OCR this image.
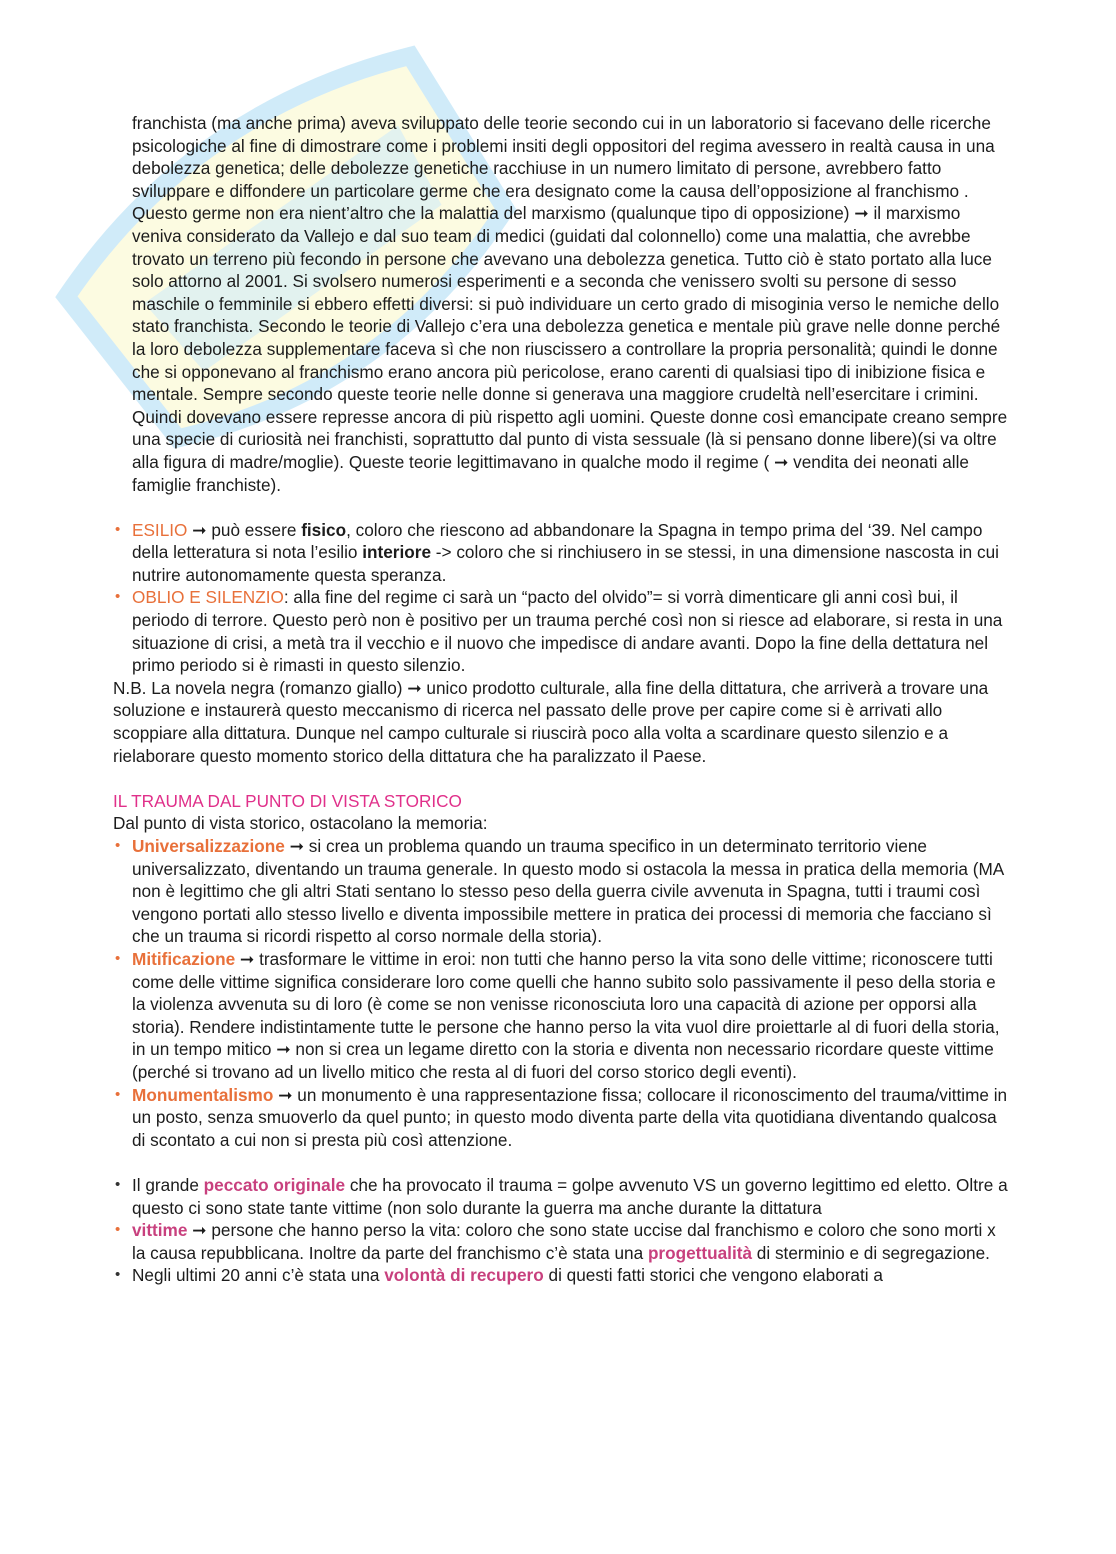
franchista (ma anche prima) aveva sviluppato delle teorie secondo cui in un laboratorio si facevano delle ricerche psicologiche al fine di dimostrare come i problemi insiti degli oppositori del regima avessero in realtà causa in una debolezza genetica; delle debolezze genetiche racchiuse in un numero limitato di persone, avrebbero fatto sviluppare e diffondere un particolare germe che era designato come la causa dell’opposizione al franchismo . Questo germe non era nient’altro che la malattia del marxismo (qualunque tipo di opposizione) ➞ il marxismo veniva considerato da Vallejo e dal suo team di medici (guidati dal colonnello) come una malattia, che avrebbe trovato un terreno più fecondo in persone che avevano una debolezza genetica. Tutto ciò è stato portato alla luce solo attorno al 2001. Si svolsero numerosi esperimenti e a seconda che venissero svolti su persone di sesso maschile o femminile si ebbero effetti diversi: si può individuare un certo grado di misoginia verso le nemiche dello stato franchista. Secondo le teorie di Vallejo c’era una debolezza genetica e mentale più grave nelle donne perché la loro debolezza supplementare faceva sì che non riuscissero a controllare la propria personalità; quindi le donne che si opponevano al franchismo erano ancora più pericolose, erano carenti di qualsiasi tipo di inibizione fisica e mentale. Sempre secondo queste teorie nelle donne si generava una maggiore crudeltà nell’esercitare i crimini. Quindi dovevano essere represse ancora di più rispetto agli uomini. Queste donne così emancipate creano sempre una specie di curiosità nei franchisti, soprattutto dal punto di vista sessuale (là si pensano donne libere)(si va oltre alla figura di madre/moglie). Queste teorie legittimavano in qualche modo il regime ( ➞ vendita dei neonati alle famiglie franchiste).

• ESILIO ➞ può essere fisico, coloro che riescono ad abbandonare la Spagna in tempo prima del ‘39. Nel campo della letteratura si nota l’esilio interiore -> coloro che si rinchiusero in se stessi, in una dimensione nascosta in cui nutrire autonomamente questa speranza.
• OBLIO E SILENZIO: alla fine del regime ci sarà un “pacto del olvido”= si vorrà dimenticare gli anni così bui, il periodo di terrore. Questo però non è positivo per un trauma perché così non si riesce ad elaborare, si resta in una situazione di crisi, a metà tra il vecchio e il nuovo che impedisce di andare avanti. Dopo la fine della dettatura nel primo periodo si è rimasti in questo silenzio.

N.B. La novela negra (romanzo giallo) ➞ unico prodotto culturale, alla fine della dittatura, che arriverà a trovare una soluzione e instaurerà questo meccanismo di ricerca nel passato delle prove per capire come si è arrivati allo scoppiare alla dittatura. Dunque nel campo culturale si riuscirà poco alla volta a scardinare questo silenzio e a rielaborare questo momento storico della dittatura che ha paralizzato il Paese.

IL TRAUMA DAL PUNTO DI VISTA STORICO

Dal punto di vista storico, ostacolano la memoria:

• Universalizzazione ➞ si crea un problema quando un trauma specifico in un determinato territorio viene universalizzato, diventando un trauma generale. In questo modo si ostacola la messa in pratica della memoria (MA non è legittimo che gli altri Stati sentano lo stesso peso della guerra civile avvenuta in Spagna, tutti i traumi così vengono portati allo stesso livello e diventa impossibile mettere in pratica dei processi di memoria che facciano sì che un trauma si ricordi rispetto al corso normale della storia).
• Mitificazione ➞ trasformare le vittime in eroi: non tutti che hanno perso la vita sono delle vittime; riconoscere tutti come delle vittime significa considerare loro come quelli che hanno subito solo passivamente il peso della storia e la violenza avvenuta su di loro (è come se non venisse riconosciuta loro una capacità di azione per opporsi alla storia). Rendere indistintamente tutte le persone che hanno perso la vita vuol dire proiettarle al di fuori della storia, in un tempo mitico ➞ non si crea un legame diretto con la storia e diventa non necessario ricordare queste vittime (perché si trovano ad un livello mitico che resta al di fuori del corso storico degli eventi).
• Monumentalismo ➞ un monumento è una rappresentazione fissa; collocare il riconoscimento del trauma/vittime in un posto, senza smuoverlo da quel punto; in questo modo diventa parte della vita quotidiana diventando qualcosa di scontato a cui non si presta più così attenzione.
• Il grande peccato originale che ha provocato il trauma = golpe avvenuto VS un governo legittimo ed eletto. Oltre a questo ci sono state tante vittime (non solo durante la guerra ma anche durante la dittatura
• vittime ➞ persone che hanno perso la vita: coloro che sono state uccise dal franchismo e coloro che sono morti x la causa repubblicana. Inoltre da parte del franchismo c’è stata una progettualità di sterminio e di segregazione.
• Negli ultimi 20 anni c’è stata una volontà di recupero di questi fatti storici che vengono elaborati a
